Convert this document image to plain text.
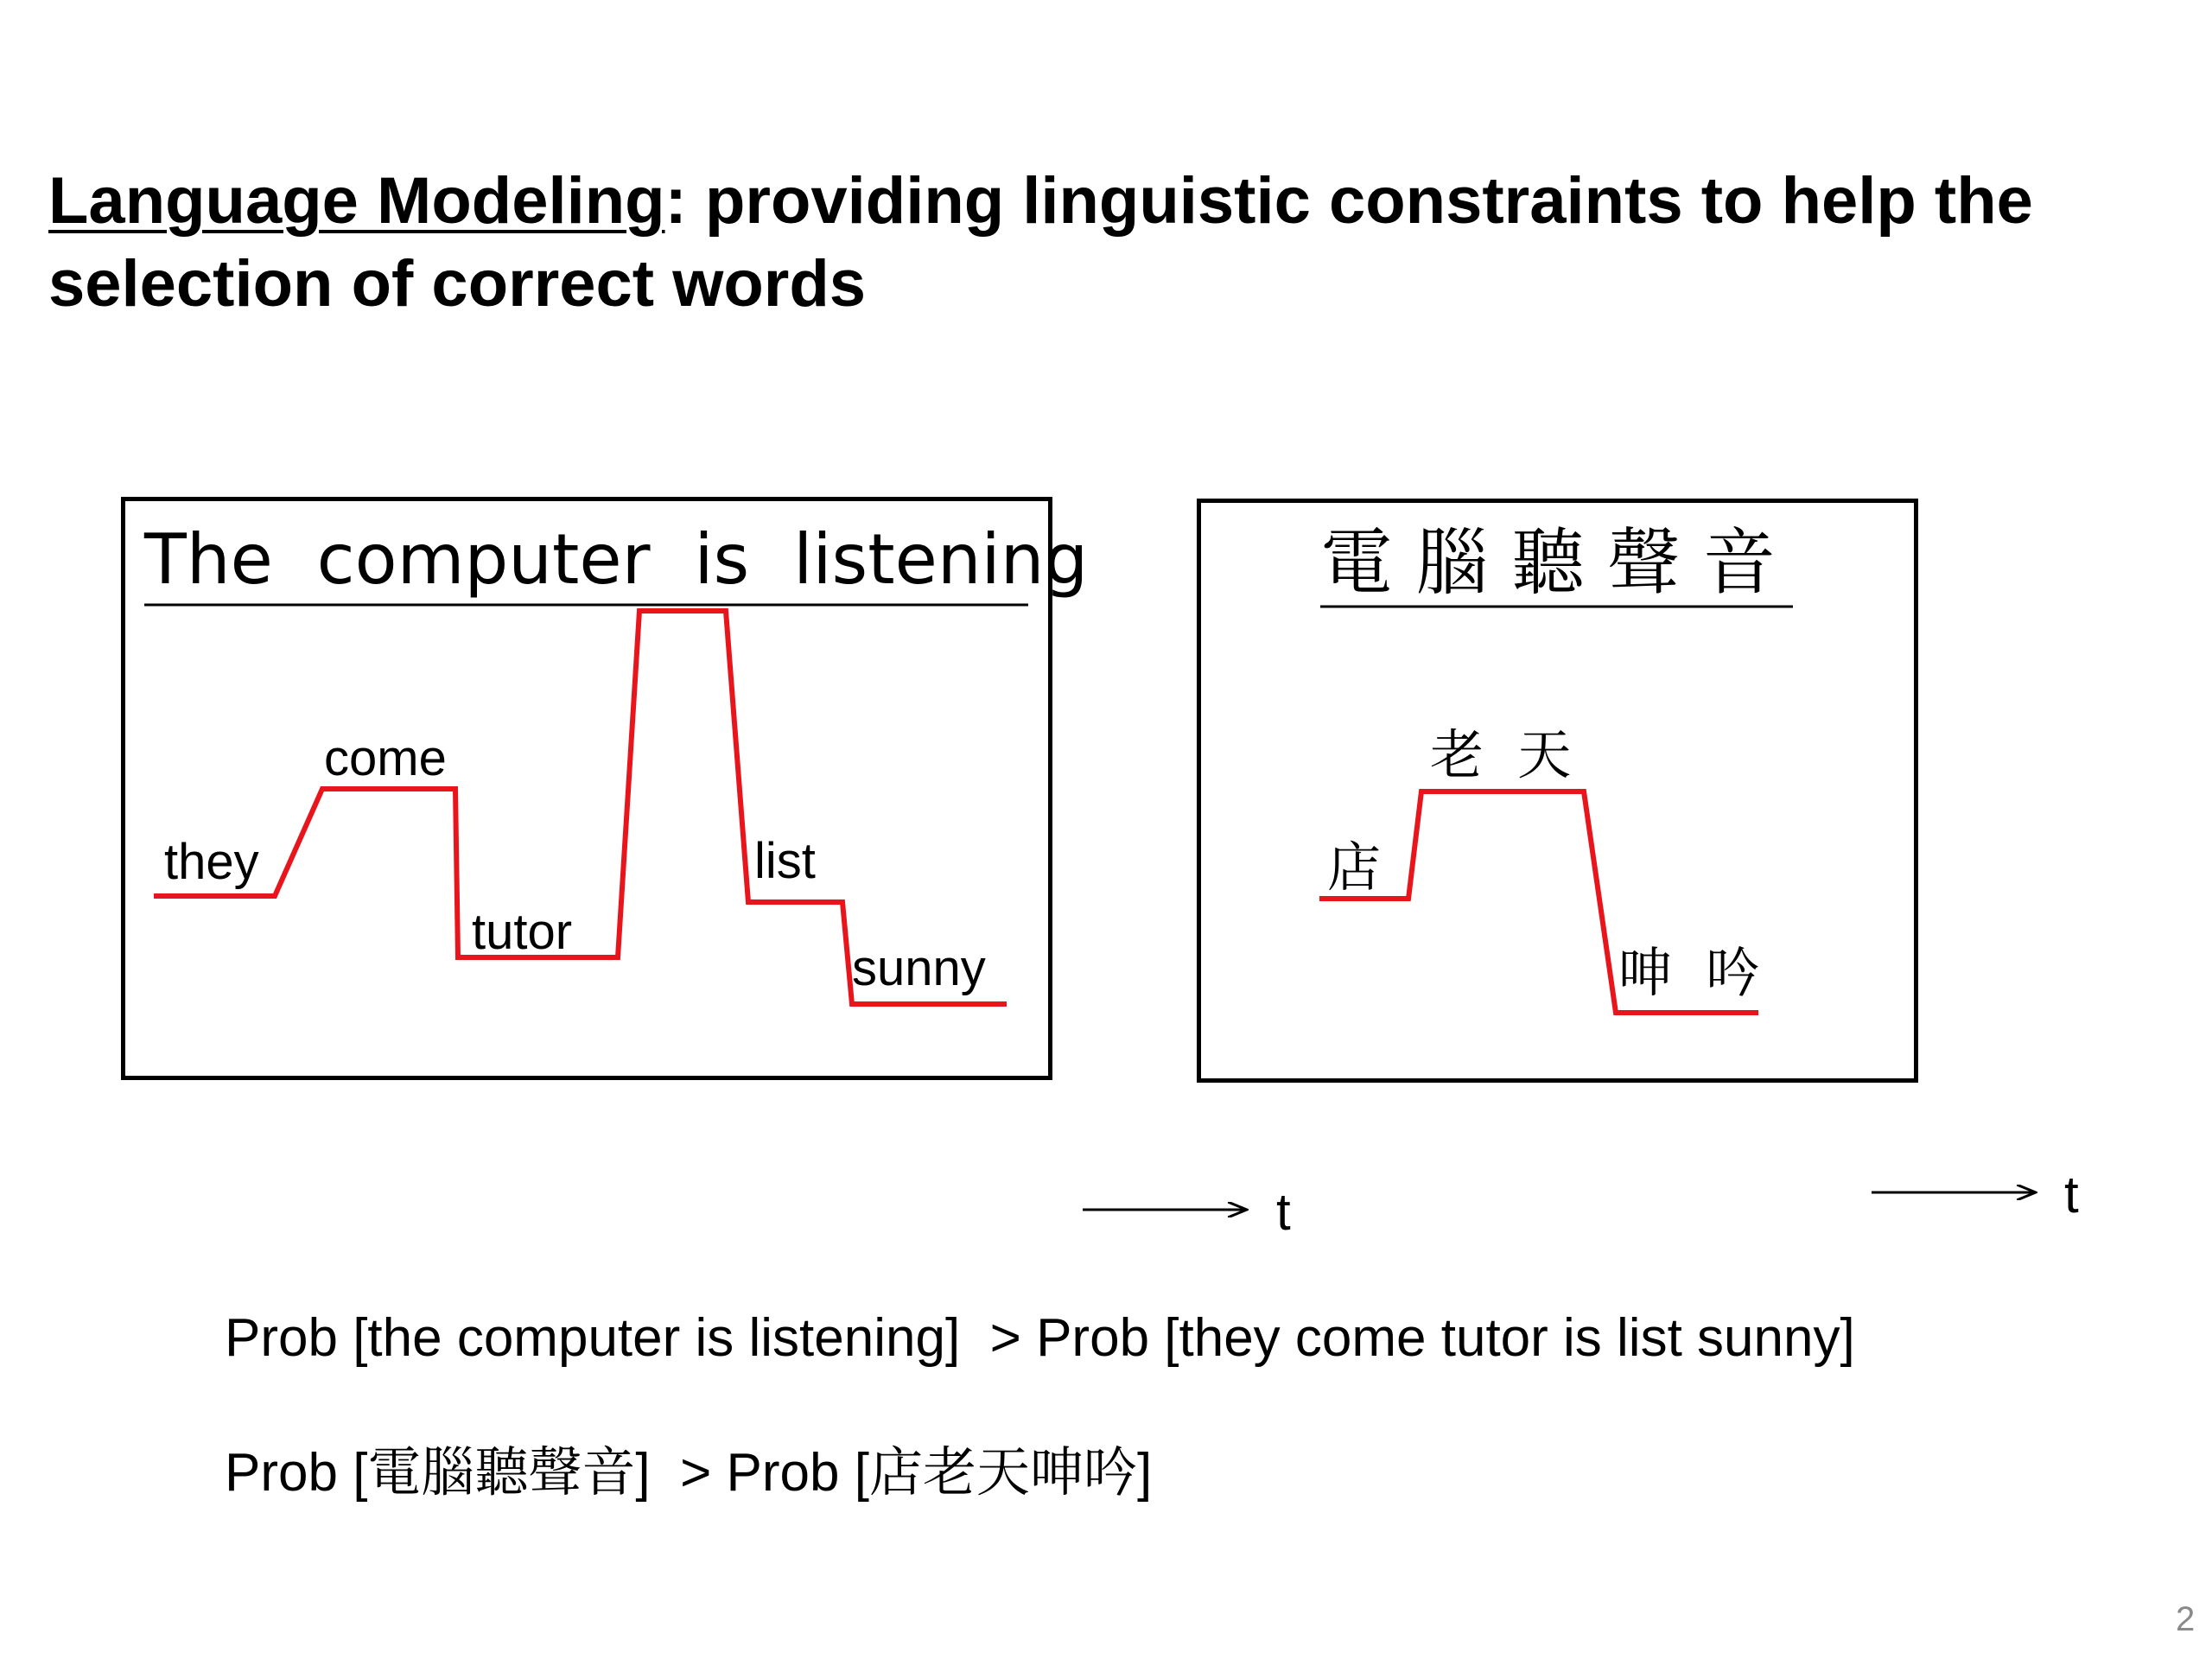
Language Modeling: providing linguistic constraints to help the selection of correct words
The  computer  is  listening
they
come
tutor
list
sunny
電 腦 聽 聲 音
店
老  天
呻  吟
t	t
Prob [the computer is listening]  > Prob [they come tutor is list sunny]
Prob [電腦聽聲音]  > Prob [店老天呻吟]
2
